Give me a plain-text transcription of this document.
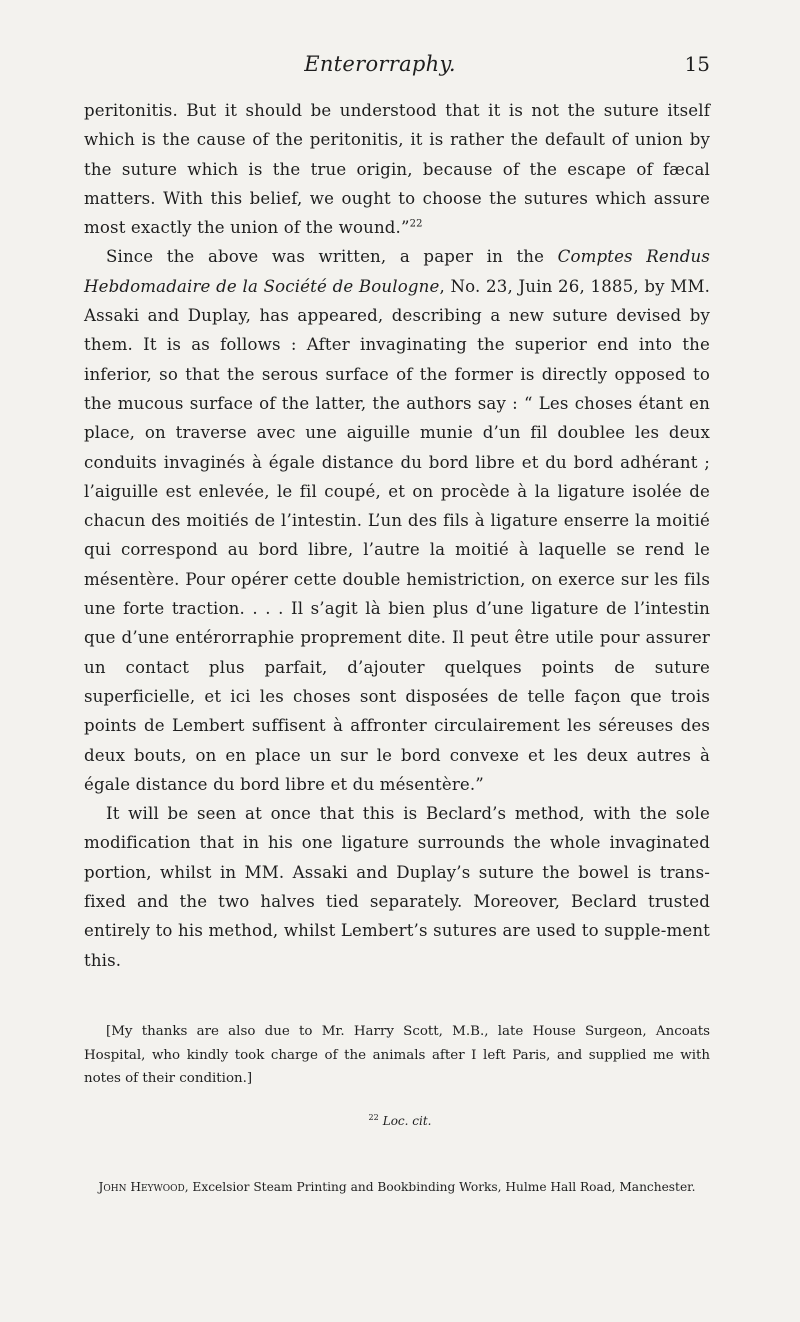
Enterorraphy.	15

peritonitis. But it should be understood that it is not the suture itself which is the cause of the peritonitis, it is rather the default of union by the suture which is the true origin, because of the escape of fæcal matters. With this belief, we ought to choose the sutures which assure most exactly the union of the wound.”$^{22}$

Since the above was written, a paper in the Comptes Rendus Hebdomadaire de la Société de Boulogne, No. 23, Juin 26, 1885, by MM. Assaki and Duplay, has appeared, describing a new suture devised by them. It is as follows : After invaginating the superior end into the inferior, so that the serous surface of the former is directly opposed to the mucous surface of the latter, the authors say : “ Les choses étant en place, on traverse avec une aiguille munie d’un fil doublee les deux conduits invaginés à égale distance du bord libre et du bord adhérant ; l’aiguille est enlevée, le fil coupé, et on procède à la ligature isolée de chacun des moitiés de l’intestin. L’un des fils à ligature enserre la moitié qui correspond au bord libre, l’autre la moitié à laquelle se rend le mésentère. Pour opérer cette double hemistriction, on exerce sur les fils une forte traction. . . . Il s’agit là bien plus d’une ligature de l’intestin que d’une entérorraphie proprement dite. Il peut être utile pour assurer un contact plus parfait, d’ajouter quelques points de suture superficielle, et ici les choses sont disposées de telle façon que trois points de Lembert suffisent à affronter circulairement les séreuses des deux bouts, on en place un sur le bord convexe et les deux autres à égale distance du bord libre et du mésentère.”

It will be seen at once that this is Beclard’s method, with the sole modification that in his one ligature surrounds the whole invaginated portion, whilst in MM. Assaki and Duplay’s suture the bowel is trans-fixed and the two halves tied separately. Moreover, Beclard trusted entirely to his method, whilst Lembert’s sutures are used to supple-ment this.

[My thanks are also due to Mr. Harry Scott, M.B., late House Surgeon, Ancoats Hospital, who kindly took charge of the animals after I left Paris, and supplied me with notes of their condition.]
$^{22}$ Loc. cit.
John Heywood, Excelsior Steam Printing and Bookbinding Works, Hulme Hall Road, Manchester.
